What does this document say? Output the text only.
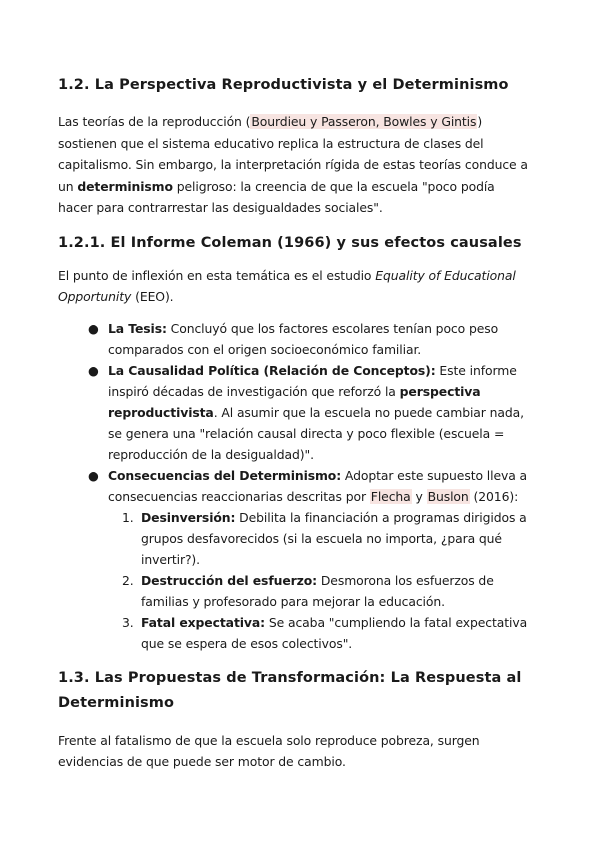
1.2. La Perspectiva Reproductivista y el Determinismo

Las teorías de la reproducción (Bourdieu y Passeron, Bowles y Gintis) sostienen que el sistema educativo replica la estructura de clases del capitalismo. Sin embargo, la interpretación rígida de estas teorías conduce a un determinismo peligroso: la creencia de que la escuela "poco podía hacer para contrarrestar las desigualdades sociales".

1.2.1. El Informe Coleman (1966) y sus efectos causales

El punto de inflexión en esta temática es el estudio Equality of Educational Opportunity (EEO).

● La Tesis: Concluyó que los factores escolares tenían poco peso comparados con el origen socioeconómico familiar.
● La Causalidad Política (Relación de Conceptos): Este informe inspiró décadas de investigación que reforzó la perspectiva reproductivista. Al asumir que la escuela no puede cambiar nada, se genera una "relación causal directa y poco flexible (escuela = reproducción de la desigualdad)".
● Consecuencias del Determinismo: Adoptar este supuesto lleva a consecuencias reaccionarias descritas por Flecha y Buslon (2016):
1. Desinversión: Debilita la financiación a programas dirigidos a grupos desfavorecidos (si la escuela no importa, ¿para qué invertir?).
2. Destrucción del esfuerzo: Desmorona los esfuerzos de familias y profesorado para mejorar la educación.
3. Fatal expectativa: Se acaba "cumpliendo la fatal expectativa que se espera de esos colectivos".
1.3. Las Propuestas de Transformación: La Respuesta al Determinismo

Frente al fatalismo de que la escuela solo reproduce pobreza, surgen evidencias de que puede ser motor de cambio.
